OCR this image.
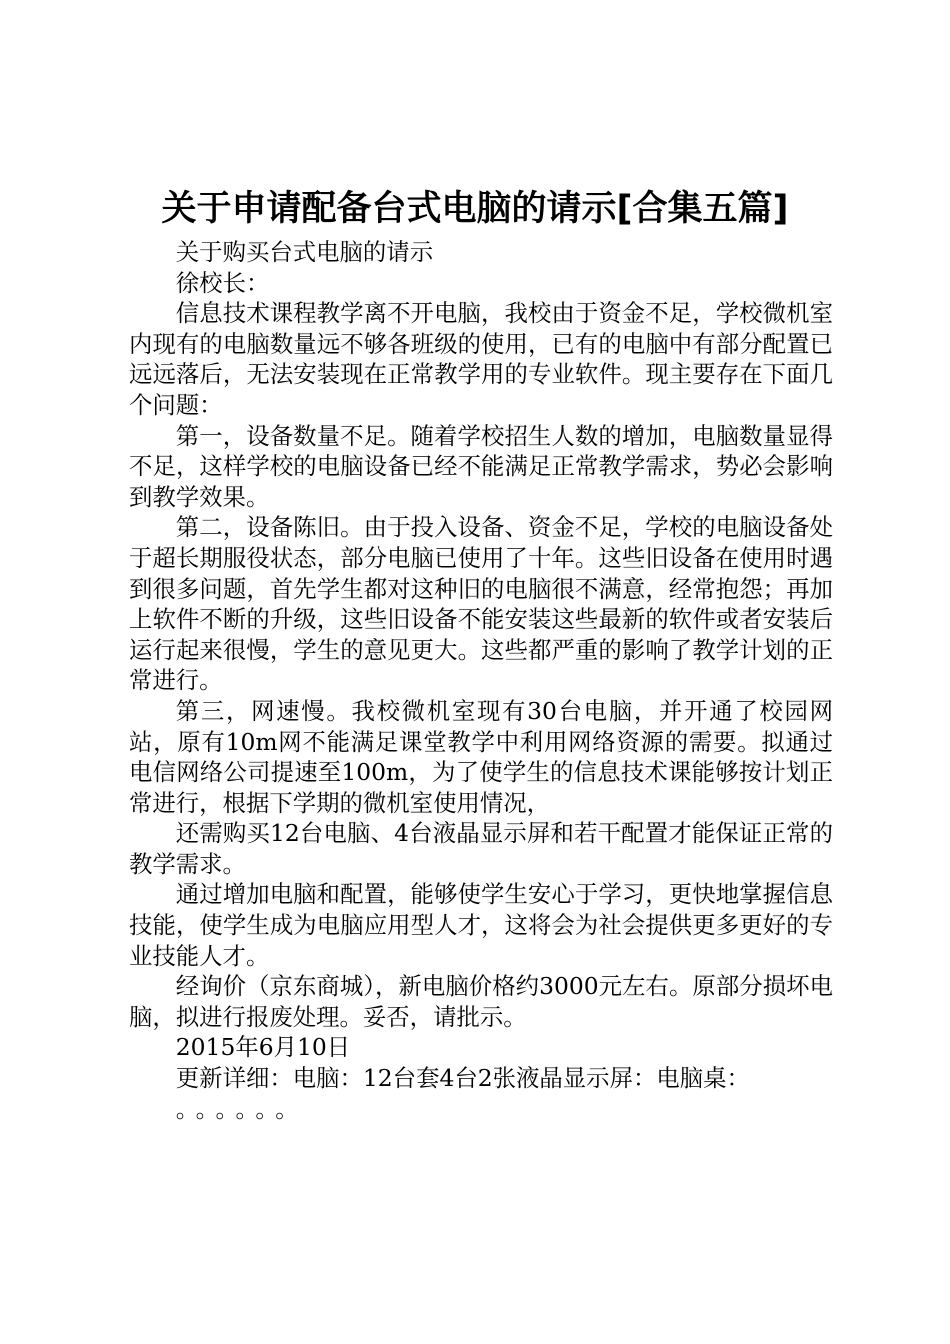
关于申请配备台式电脑的请示[合集五篇]

关于购买台式电脑的请示

徐校长：

信息技术课程教学离不开电脑，我校由于资金不足，学校微机室内现有的电脑数量远不够各班级的使用，已有的电脑中有部分配置已远远落后，无法安装现在正常教学用的专业软件。现主要存在下面几个问题：

第一，设备数量不足。随着学校招生人数的增加，电脑数量显得不足，这样学校的电脑设备已经不能满足正常教学需求，势必会影响到教学效果。

第二，设备陈旧。由于投入设备、资金不足，学校的电脑设备处于超长期服役状态，部分电脑已使用了十年。这些旧设备在使用时遇到很多问题，首先学生都对这种旧的电脑很不满意，经常抱怨；再加上软件不断的升级，这些旧设备不能安装这些最新的软件或者安装后运行起来很慢，学生的意见更大。这些都严重的影响了教学计划的正常进行。

第三，网速慢。我校微机室现有30台电脑，并开通了校园网站，原有10m网不能满足课堂教学中利用网络资源的需要。拟通过电信网络公司提速至100m，为了使学生的信息技术课能够按计划正常进行，根据下学期的微机室使用情况，

还需购买12台电脑、4台液晶显示屏和若干配置才能保证正常的教学需求。

通过增加电脑和配置，能够使学生安心于学习，更快地掌握信息技能，使学生成为电脑应用型人才，这将会为社会提供更多更好的专业技能人才。

经询价（京东商城），新电脑价格约3000元左右。原部分损坏电脑，拟进行报废处理。妥否，请批示。

2015年6月10日

更新详细：电脑：12台套4台2张液晶显示屏：电脑桌：

。。。。。。
